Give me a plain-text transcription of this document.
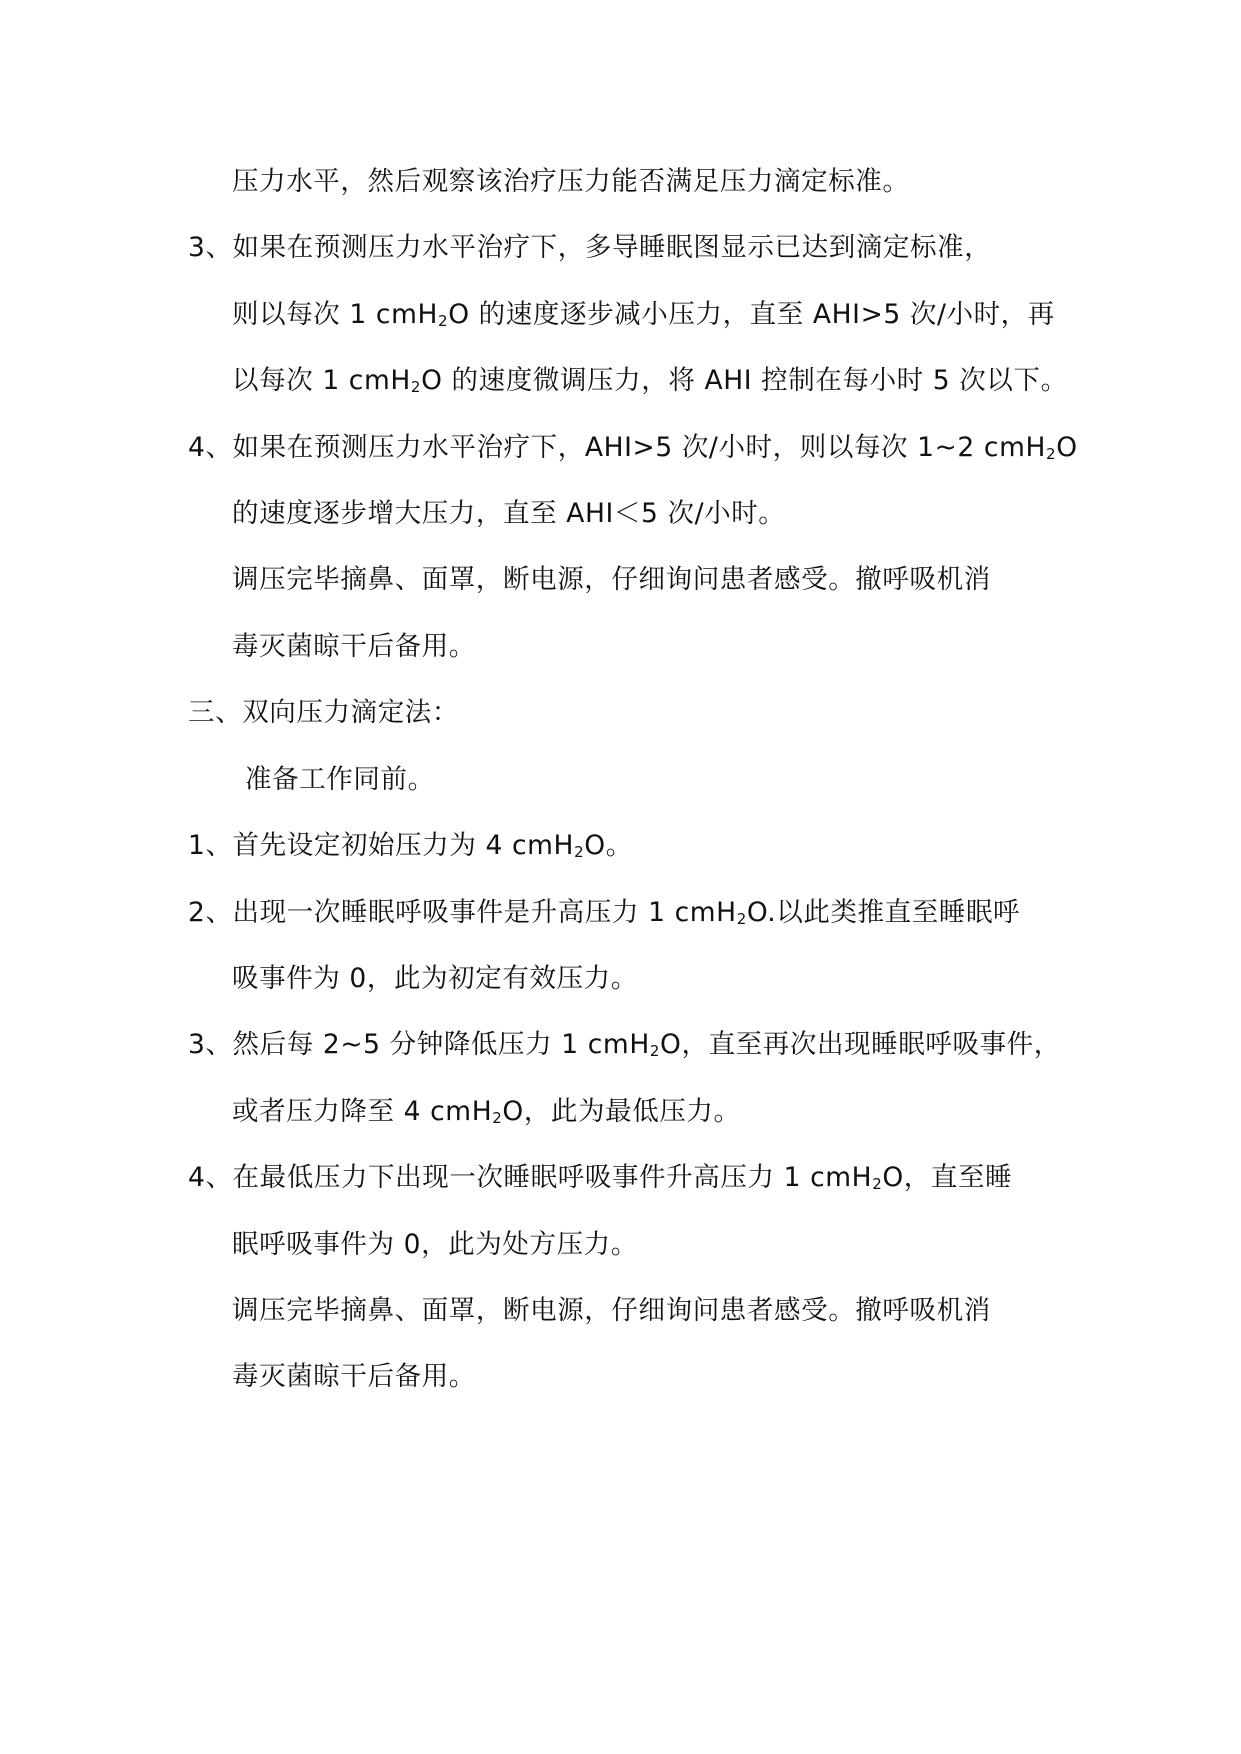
压力水平，然后观察该治疗压力能否满足压力滴定标准。
3、如果在预测压力水平治疗下，多导睡眠图显示已达到滴定标准，
则以每次 1 cmH$_2$O 的速度逐步减小压力，直至 AHI>5 次/小时，再
以每次 1 cmH$_2$O 的速度微调压力，将 AHI 控制在每小时 5 次以下。
4、如果在预测压力水平治疗下，AHI>5 次/小时，则以每次 1~2 cmH$_2$O
的速度逐步增大压力，直至 AHI＜5 次/小时。
调压完毕摘鼻、面罩，断电源，仔细询问患者感受。撤呼吸机消
毒灭菌晾干后备用。
三、双向压力滴定法：
准备工作同前。
1、首先设定初始压力为 4 cmH$_2$O。
2、出现一次睡眠呼吸事件是升高压力 1 cmH$_2$O.以此类推直至睡眠呼
吸事件为 0，此为初定有效压力。
3、然后每 2~5 分钟降低压力 1 cmH$_2$O，直至再次出现睡眠呼吸事件，
或者压力降至 4 cmH$_2$O，此为最低压力。
4、在最低压力下出现一次睡眠呼吸事件升高压力 1 cmH$_2$O，直至睡
眠呼吸事件为 0，此为处方压力。
调压完毕摘鼻、面罩，断电源，仔细询问患者感受。撤呼吸机消
毒灭菌晾干后备用。
